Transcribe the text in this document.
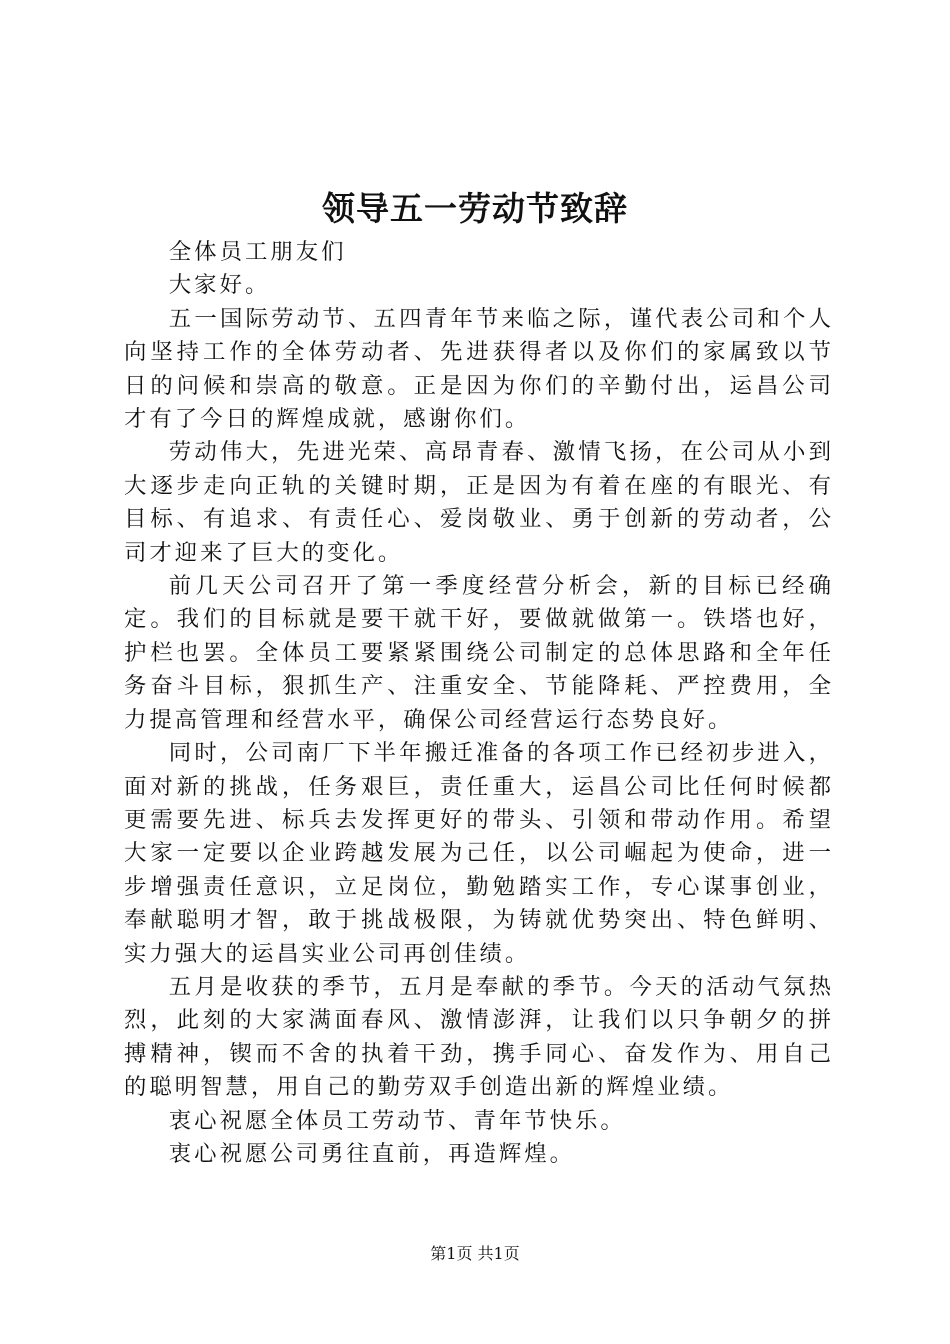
领导五一劳动节致辞

全体员工朋友们

大家好。

五一国际劳动节、五四青年节来临之际，谨代表公司和个人向坚持工作的全体劳动者、先进获得者以及你们的家属致以节日的问候和崇高的敬意。正是因为你们的辛勤付出，运昌公司才有了今日的辉煌成就，感谢你们。

劳动伟大，先进光荣、高昂青春、激情飞扬，在公司从小到大逐步走向正轨的关键时期，正是因为有着在座的有眼光、有目标、有追求、有责任心、爱岗敬业、勇于创新的劳动者，公司才迎来了巨大的变化。

前几天公司召开了第一季度经营分析会，新的目标已经确定。我们的目标就是要干就干好，要做就做第一。铁塔也好，护栏也罢。全体员工要紧紧围绕公司制定的总体思路和全年任务奋斗目标，狠抓生产、注重安全、节能降耗、严控费用，全力提高管理和经营水平，确保公司经营运行态势良好。

同时，公司南厂下半年搬迁准备的各项工作已经初步进入，面对新的挑战，任务艰巨，责任重大，运昌公司比任何时候都更需要先进、标兵去发挥更好的带头、引领和带动作用。希望大家一定要以企业跨越发展为己任，以公司崛起为使命，进一步增强责任意识，立足岗位，勤勉踏实工作，专心谋事创业，奉献聪明才智，敢于挑战极限，为铸就优势突出、特色鲜明、实力强大的运昌实业公司再创佳绩。

五月是收获的季节，五月是奉献的季节。今天的活动气氛热烈，此刻的大家满面春风、激情澎湃，让我们以只争朝夕的拼搏精神，锲而不舍的执着干劲，携手同心、奋发作为、用自己的聪明智慧，用自己的勤劳双手创造出新的辉煌业绩。

衷心祝愿全体员工劳动节、青年节快乐。

衷心祝愿公司勇往直前，再造辉煌。

第1页 共1页
